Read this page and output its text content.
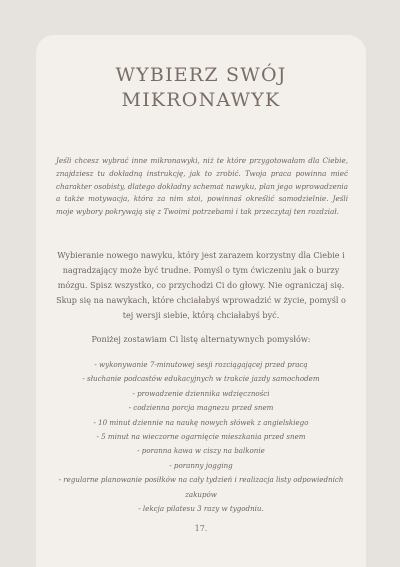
WYBIERZ SWÓJ
MIKRONAWYK

Jeśli chcesz wybrać inne mikronawyki, niż te które przygotowałam dla Ciebie, znajdziesz tu dokładną instrukcję, jak to zrobić. Twoja praca powinna mieć charakter osobisty, dlatego dokładny schemat nawyku, plan jego wprowadzenia a także motywacja, która za nim stoi, powinnaś określić samodzielnie. Jeśli moje wybory pokrywają się z Twoimi potrzebami i tak przeczytaj ten rozdział.

Wybieranie nowego nawyku, który jest zarazem korzystny dla Ciebie i nagradzający może być trudne. Pomyśl o tym ćwiczeniu jak o burzy mózgu. Spisz wszystko, co przychodzi Ci do głowy. Nie ograniczaj się. Skup się na nawykach, które chciałabyś wprowadzić w życie, pomyśl o tej wersji siebie, którą chciałabyś być.

Poniżej zostawiam Ci listę alternatywnych pomysłów:
- wykonywanie 7-minutowej sesji rozciągającej przed pracą
- słuchanie podcastów edukacyjnych w trakcie jazdy samochodem
- prowadzenie dziennika wdzięczności
- codzienna porcja magnezu przed snem
- 10 minut dziennie na naukę nowych słówek z angielskiego
- 5 minut na wieczorne ogarnięcie mieszkania przed snem
- poranna kawa w ciszy na balkonie
- poranny jogging
- regularne planowanie posiłków na cały tydzień i realizacja listy odpowiednich zakupów
- lekcja pilatesu 3 razy w tygodniu.
17.
